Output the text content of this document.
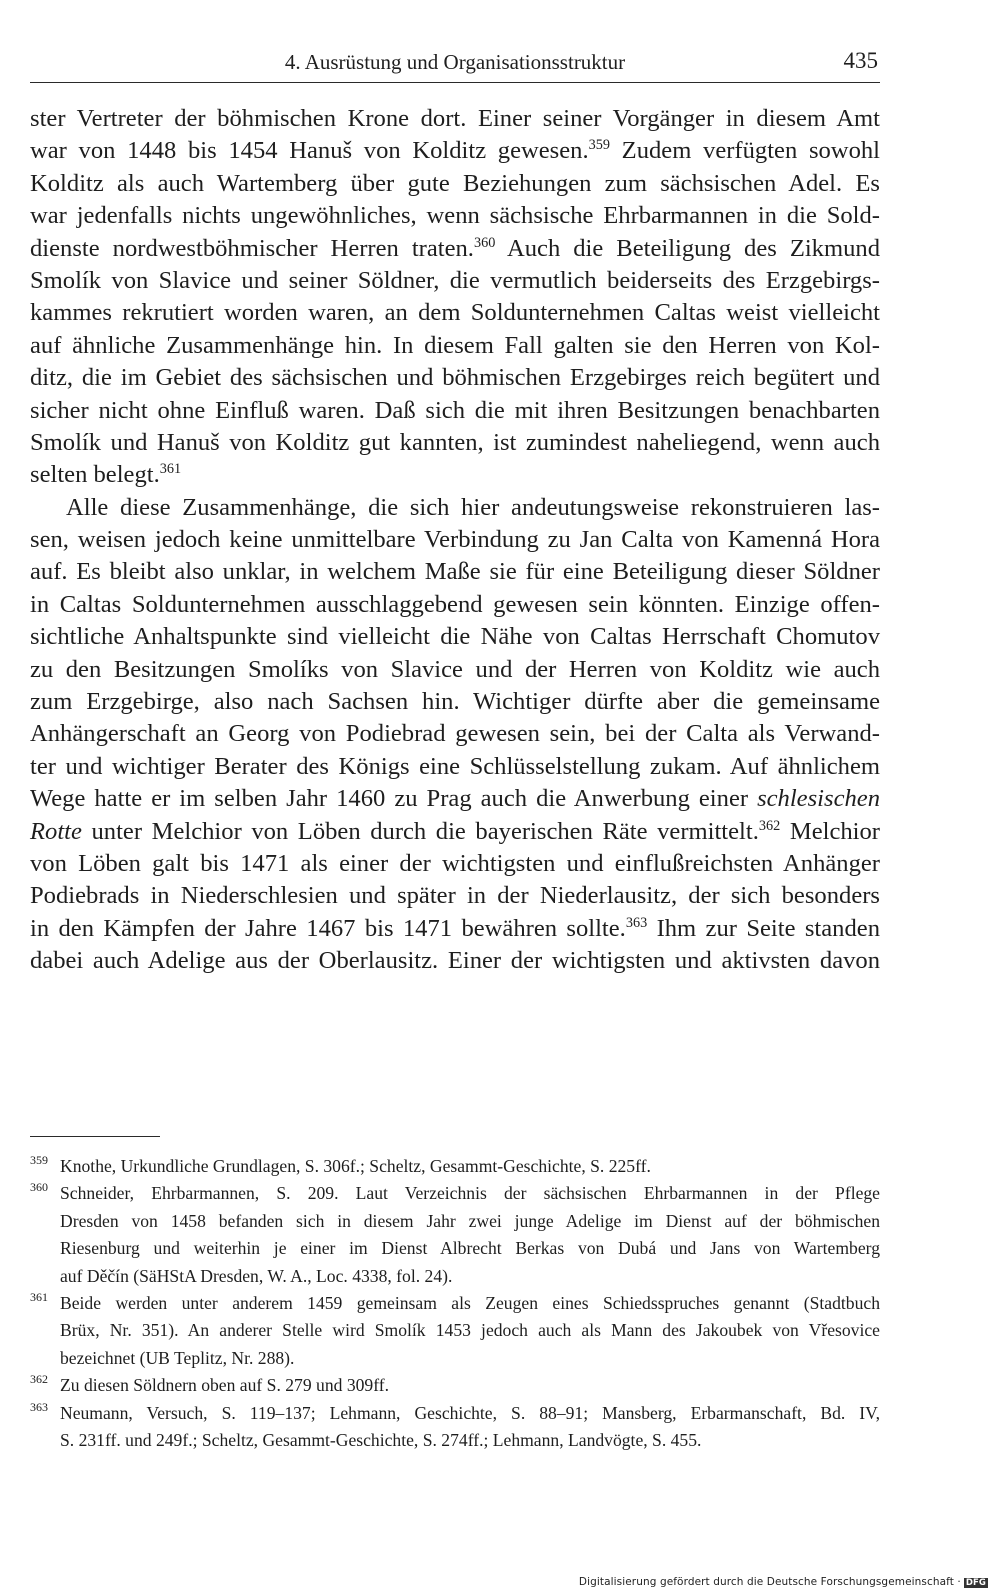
4. Ausrüstung und Organisationsstruktur	435
ster Vertreter der böhmischen Krone dort. Einer seiner Vorgänger in diesem Amt
war von 1448 bis 1454 Hanuš von Kolditz gewesen.$^{359}$ Zudem verfügten sowohl
Kolditz als auch Wartemberg über gute Beziehungen zum sächsischen Adel. Es
war jedenfalls nichts ungewöhnliches, wenn sächsische Ehrbarmannen in die Sold-
dienste nordwestböhmischer Herren traten.$^{360}$ Auch die Beteiligung des Zikmund
Smolík von Slavice und seiner Söldner, die vermutlich beiderseits des Erzgebirgs-
kammes rekrutiert worden waren, an dem Soldunternehmen Caltas weist vielleicht
auf ähnliche Zusammenhänge hin. In diesem Fall galten sie den Herren von Kol-
ditz, die im Gebiet des sächsischen und böhmischen Erzgebirges reich begütert und
sicher nicht ohne Einfluß waren. Daß sich die mit ihren Besitzungen benachbarten
Smolík und Hanuš von Kolditz gut kannten, ist zumindest naheliegend, wenn auch
selten belegt.$^{361}$
Alle diese Zusammenhänge, die sich hier andeutungsweise rekonstruieren las-
sen, weisen jedoch keine unmittelbare Verbindung zu Jan Calta von Kamenná Hora
auf. Es bleibt also unklar, in welchem Maße sie für eine Beteiligung dieser Söldner
in Caltas Soldunternehmen ausschlaggebend gewesen sein könnten. Einzige offen-
sichtliche Anhaltspunkte sind vielleicht die Nähe von Caltas Herrschaft Chomutov
zu den Besitzungen Smolíks von Slavice und der Herren von Kolditz wie auch
zum Erzgebirge, also nach Sachsen hin. Wichtiger dürfte aber die gemeinsame
Anhängerschaft an Georg von Podiebrad gewesen sein, bei der Calta als Verwand-
ter und wichtiger Berater des Königs eine Schlüsselstellung zukam. Auf ähnlichem
Wege hatte er im selben Jahr 1460 zu Prag auch die Anwerbung einer schlesischen
Rotte unter Melchior von Löben durch die bayerischen Räte vermittelt.$^{362}$ Melchior
von Löben galt bis 1471 als einer der wichtigsten und einflußreichsten Anhänger
Podiebrads in Niederschlesien und später in der Niederlausitz, der sich besonders
in den Kämpfen der Jahre 1467 bis 1471 bewähren sollte.$^{363}$ Ihm zur Seite standen
dabei auch Adelige aus der Oberlausitz. Einer der wichtigsten und aktivsten davon
359 Knothe, Urkundliche Grundlagen, S. 306f.; Scheltz, Gesammt-Geschichte, S. 225ff.
360 Schneider, Ehrbarmannen, S. 209. Laut Verzeichnis der sächsischen Ehrbarmannen in der Pflege
Dresden von 1458 befanden sich in diesem Jahr zwei junge Adelige im Dienst auf der böhmischen
Riesenburg und weiterhin je einer im Dienst Albrecht Berkas von Dubá und Jans von Wartemberg
auf Děčín (SäHStA Dresden, W. A., Loc. 4338, fol. 24).
361 Beide werden unter anderem 1459 gemeinsam als Zeugen eines Schiedsspruches genannt (Stadtbuch
Brüx, Nr. 351). An anderer Stelle wird Smolík 1453 jedoch auch als Mann des Jakoubek von Vřesovice
bezeichnet (UB Teplitz, Nr. 288).
362 Zu diesen Söldnern oben auf S. 279 und 309ff.
363 Neumann, Versuch, S. 119–137; Lehmann, Geschichte, S. 88–91; Mansberg, Erbarmanschaft, Bd. IV,
S. 231ff. und 249f.; Scheltz, Gesammt-Geschichte, S. 274ff.; Lehmann, Landvögte, S. 455.
Digitalisierung gefördert durch die Deutsche Forschungsgemeinschaft · DFG
